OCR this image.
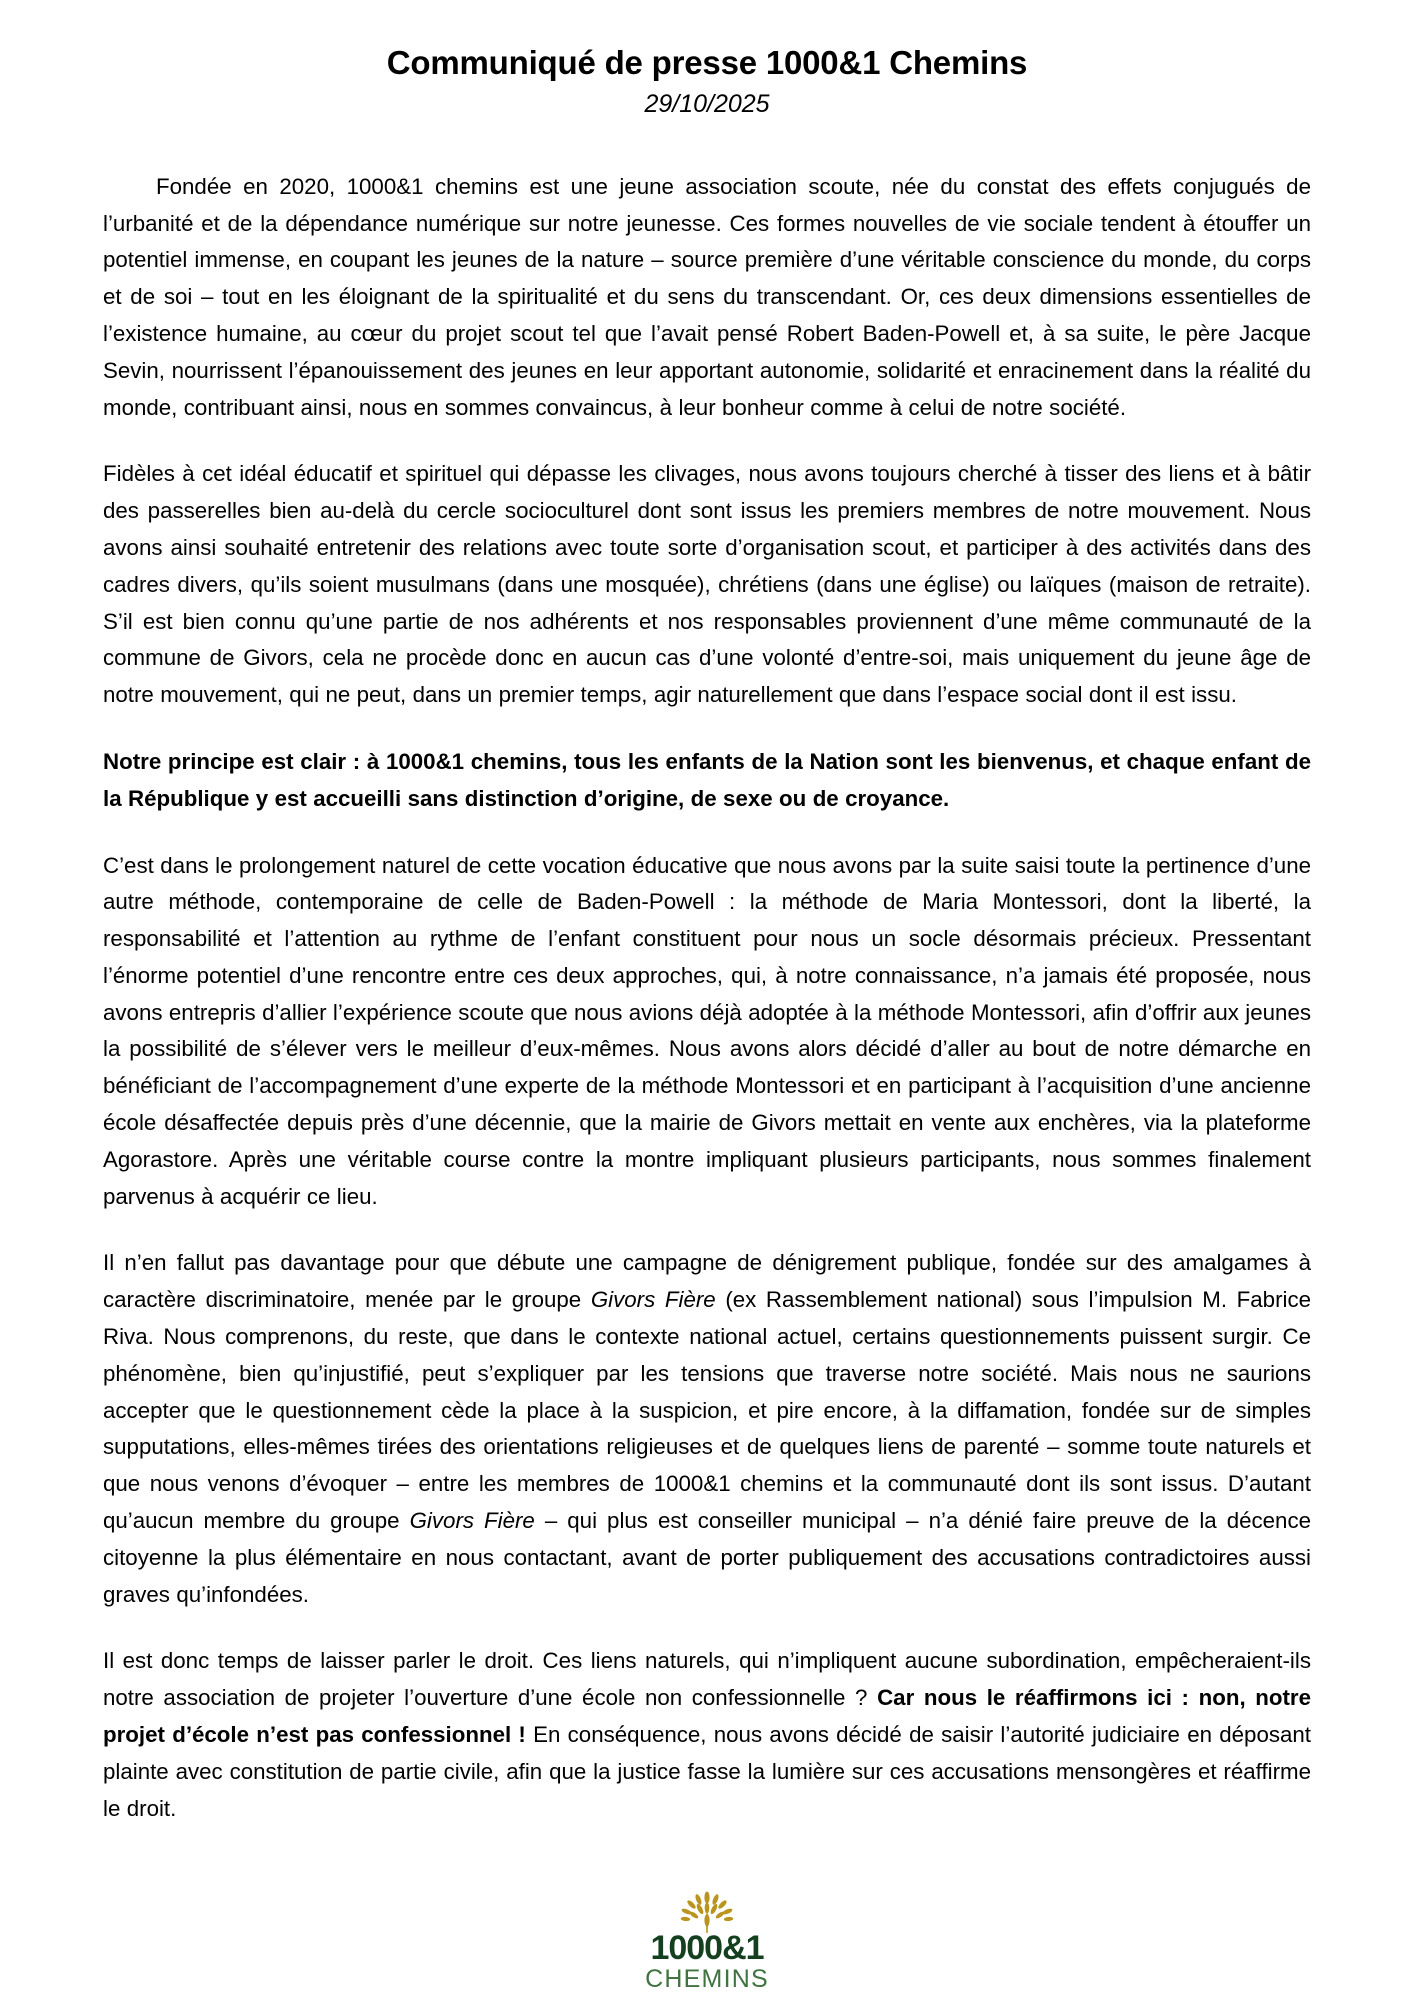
Communiqué de presse 1000&1 Chemins
29/10/2025

Fondée en 2020, 1000&1 chemins est une jeune association scoute, née du constat des effets conjugués de l’urbanité et de la dépendance numérique sur notre jeunesse. Ces formes nouvelles de vie sociale tendent à étouffer un potentiel immense, en coupant les jeunes de la nature – source première d’une véritable conscience du monde, du corps et de soi – tout en les éloignant de la spiritualité et du sens du transcendant. Or, ces deux dimensions essentielles de l’existence humaine, au cœur du projet scout tel que l’avait pensé Robert Baden-Powell et, à sa suite, le père Jacque Sevin, nourrissent l’épanouissement des jeunes en leur apportant autonomie, solidarité et enracinement dans la réalité du monde, contribuant ainsi, nous en sommes convaincus, à leur bonheur comme à celui de notre société.

Fidèles à cet idéal éducatif et spirituel qui dépasse les clivages, nous avons toujours cherché à tisser des liens et à bâtir des passerelles bien au-delà du cercle socioculturel dont sont issus les premiers membres de notre mouvement. Nous avons ainsi souhaité entretenir des relations avec toute sorte d’organisation scout, et participer à des activités dans des cadres divers, qu’ils soient musulmans (dans une mosquée), chrétiens (dans une église) ou laïques (maison de retraite). S’il est bien connu qu’une partie de nos adhérents et nos responsables proviennent d’une même communauté de la commune de Givors, cela ne procède donc en aucun cas d’une volonté d’entre-soi, mais uniquement du jeune âge de notre mouvement, qui ne peut, dans un premier temps, agir naturellement que dans l’espace social dont il est issu.

Notre principe est clair : à 1000&1 chemins, tous les enfants de la Nation sont les bienvenus, et chaque enfant de la République y est accueilli sans distinction d’origine, de sexe ou de croyance.

C’est dans le prolongement naturel de cette vocation éducative que nous avons par la suite saisi toute la pertinence d’une autre méthode, contemporaine de celle de Baden-Powell : la méthode de Maria Montessori, dont la liberté, la responsabilité et l’attention au rythme de l’enfant constituent pour nous un socle désormais précieux. Pressentant l’énorme potentiel d’une rencontre entre ces deux approches, qui, à notre connaissance, n’a jamais été proposée, nous avons entrepris d’allier l’expérience scoute que nous avions déjà adoptée à la méthode Montessori, afin d’offrir aux jeunes la possibilité de s’élever vers le meilleur d’eux-mêmes. Nous avons alors décidé d’aller au bout de notre démarche en bénéficiant de l’accompagnement d’une experte de la méthode Montessori et en participant à l’acquisition d’une ancienne école désaffectée depuis près d’une décennie, que la mairie de Givors mettait en vente aux enchères, via la plateforme Agorastore. Après une véritable course contre la montre impliquant plusieurs participants, nous sommes finalement parvenus à acquérir ce lieu.

Il n’en fallut pas davantage pour que débute une campagne de dénigrement publique, fondée sur des amalgames à caractère discriminatoire, menée par le groupe Givors Fière (ex Rassemblement national) sous l’impulsion M. Fabrice Riva. Nous comprenons, du reste, que dans le contexte national actuel, certains questionnements puissent surgir. Ce phénomène, bien qu’injustifié, peut s’expliquer par les tensions que traverse notre société. Mais nous ne saurions accepter que le questionnement cède la place à la suspicion, et pire encore, à la diffamation, fondée sur de simples supputations, elles-mêmes tirées des orientations religieuses et de quelques liens de parenté – somme toute naturels et que nous venons d’évoquer – entre les membres de 1000&1 chemins et la communauté dont ils sont issus. D’autant qu’aucun membre du groupe Givors Fière – qui plus est conseiller municipal – n’a dénié faire preuve de la décence citoyenne la plus élémentaire en nous contactant, avant de porter publiquement des accusations contradictoires aussi graves qu’infondées.

Il est donc temps de laisser parler le droit. Ces liens naturels, qui n’impliquent aucune subordination, empêcheraient-ils notre association de projeter l’ouverture d’une école non confessionnelle ? Car nous le réaffirmons ici : non, notre projet d’école n’est pas confessionnel ! En conséquence, nous avons décidé de saisir l’autorité judiciaire en déposant plainte avec constitution de partie civile, afin que la justice fasse la lumière sur ces accusations mensongères et réaffirme le droit.

1000&1
CHEMINS
